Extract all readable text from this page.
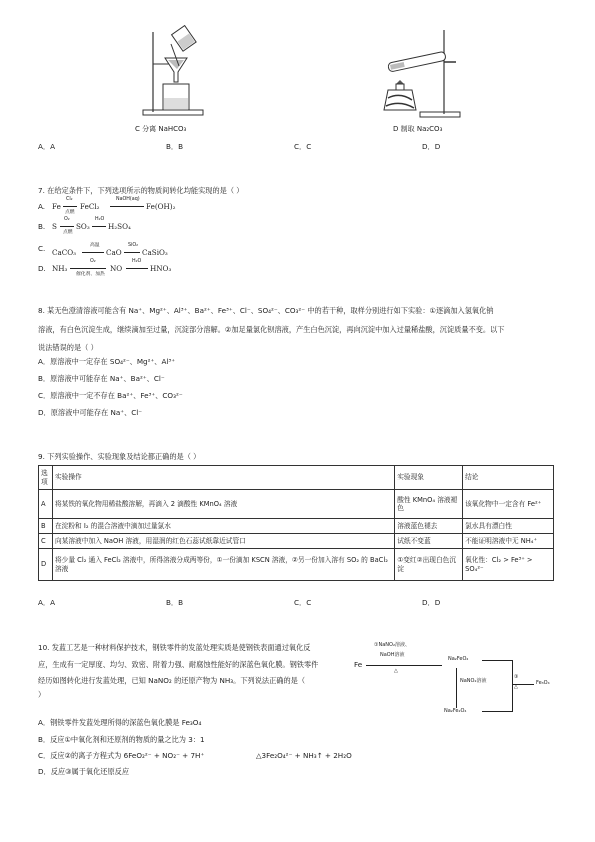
C 分离 NaHCO₃	D 制取 Na₂CO₃
A．A	B．B	C．C	D．D
7. 在给定条件下，下列选项所示的物质间转化均能实现的是（ ）
A. Fe
Cl₂
点燃
FeCl₂
NaOH(aq)
Fe(OH)₂
B. S
O₂
点燃
SO₃
H₂O
H₂SO₄
C. CaCO₃
高温
CaO
SiO₂
CaSiO₃
D. NH₃
O₂
催化剂、加热
NO
H₂O
HNO₃
8. 某无色澄清溶液可能含有 Na⁺、Mg²⁺、Al³⁺、Ba²⁺、Fe³⁺、Cl⁻、SO₄²⁻、CO₃²⁻ 中的若干种，取样分别进行如下实验：①逐滴加入氢氧化钠
溶液，有白色沉淀生成，继续滴加至过量，沉淀部分溶解。②加足量氯化钡溶液，产生白色沉淀，再向沉淀中加入过量稀盐酸，沉淀质量不变。以下
说法错误的是（ ）
A．原溶液中一定存在 SO₄²⁻、Mg²⁺、Al³⁺
B．原溶液中可能存在 Na⁺、Ba²⁺、Cl⁻
C．原溶液中一定不存在 Ba²⁺、Fe³⁺、CO₃²⁻
D．原溶液中可能存在 Na⁺、Cl⁻
9. 下列实验操作、实验现象及结论都正确的是（ ）
选项	实验操作	实验现象	结论
A	将某铁的氧化物用稀盐酸溶解，再滴入 2 滴酸性 KMnO₄ 溶液	酸性 KMnO₄ 溶液褪色	该氧化物中一定含有 Fe²⁺
B	在淀粉和 I₂ 的混合溶液中滴加过量氯水	溶液蓝色褪去	氯水具有漂白性
C	向某溶液中加入 NaOH 溶液，用湿润的红色石蕊试纸靠近试管口	试纸不变蓝	不能证明溶液中无 NH₄⁺
D	将少量 Cl₂ 通入 FeCl₂ 溶液中，所得溶液分成两等份，①一份滴加 KSCN 溶液，②另一份加入溶有 SO₂ 的 BaCl₂ 溶液	①变红②出现白色沉淀	氧化性：Cl₂ > Fe³⁺ > SO₄²⁻
A．A	B．B	C．C	D．D
10. 发蓝工艺是一种材料保护技术，钢铁零件的发蓝处理实质是使钢铁表面通过氧化反
应，生成有一定厚度、均匀、致密、附着力强、耐腐蚀性能好的深蓝色氧化膜。钢铁零件
经历如图转化进行发蓝处理，已知 NaNO₂ 的还原产物为 NH₃。下列说法正确的是（
）
Fe
①NaNO₂溶液、
NaOH溶液
△
Na₂FeO₂
NaNO₂溶液
Na₂Fe₂O₄
③
△
Fe₃O₄
A．钢铁零件发蓝处理所得的深蓝色氧化膜是 Fe₃O₄
B．反应①中氧化剂和还原剂的物质的量之比为 3：1
C．反应②的离子方程式为 6FeO₂²⁻ + NO₂⁻ + 7H⁺	△3Fe₂O₄²⁻ + NH₃↑ + 2H₂O
D．反应③属于氧化还原反应
